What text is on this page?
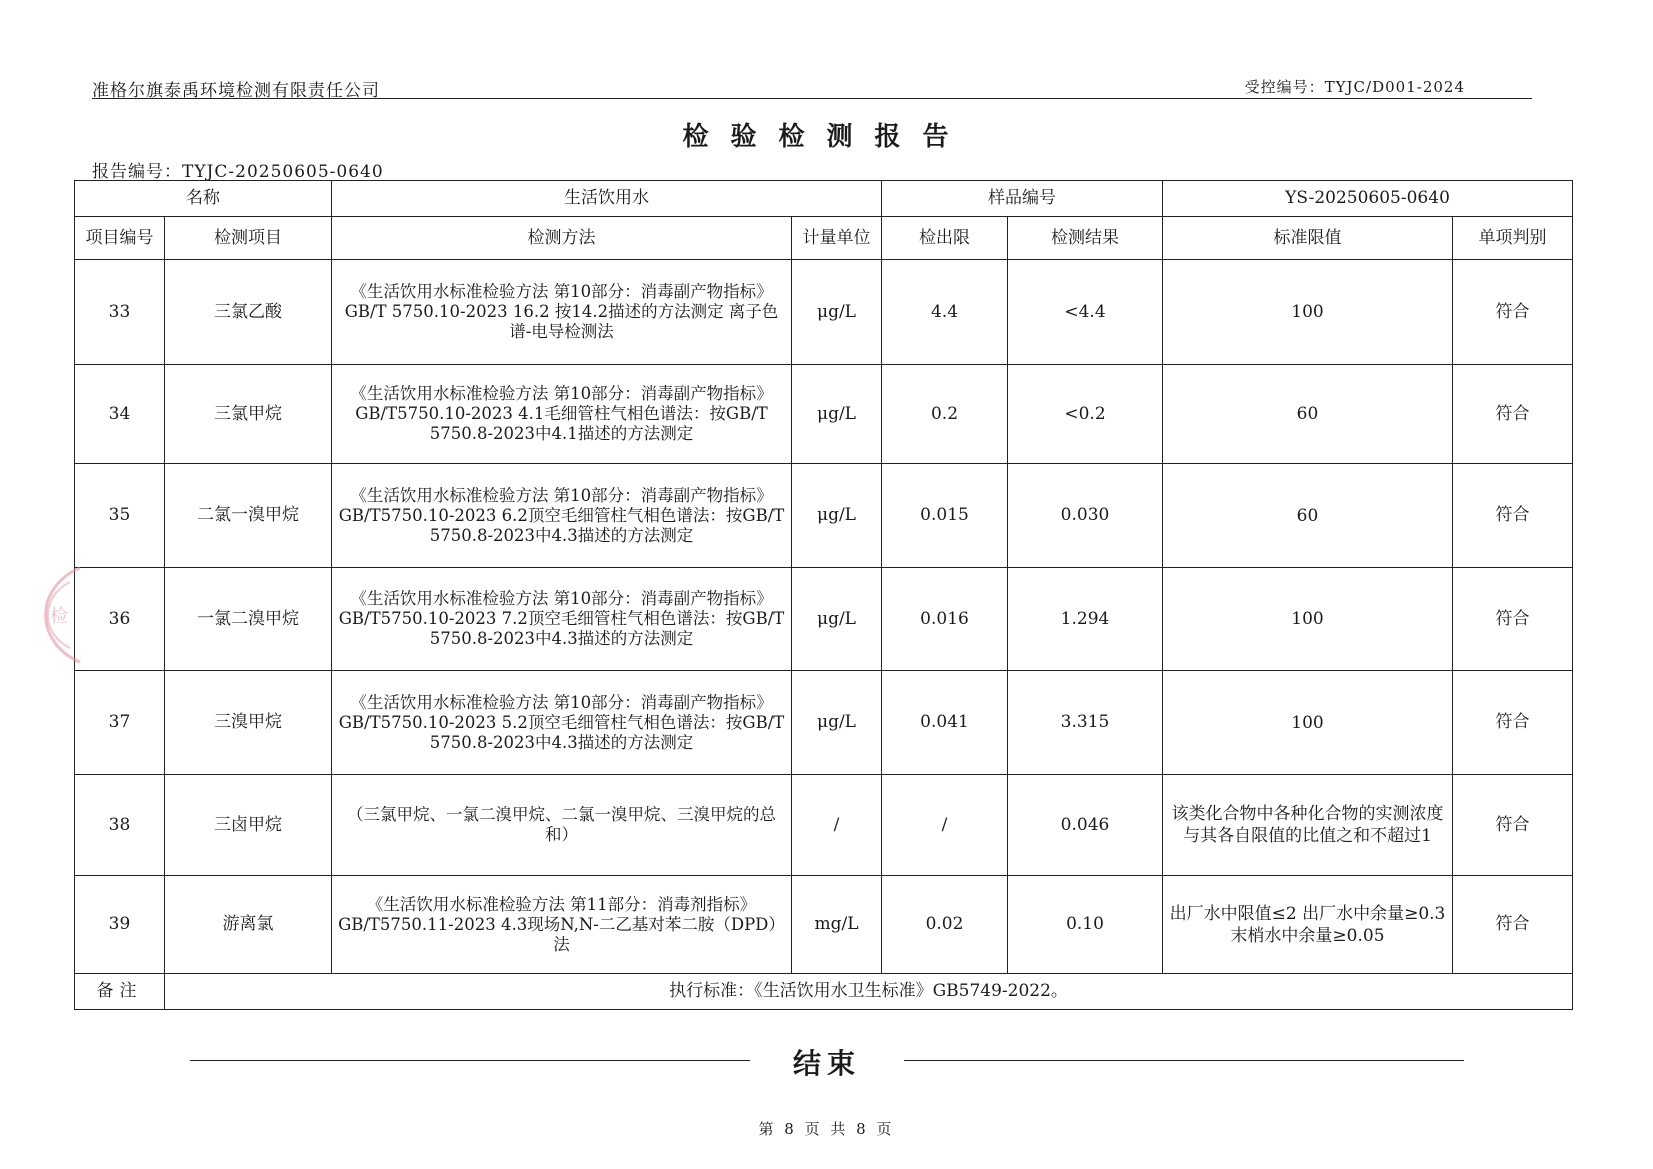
准格尔旗泰禹环境检测有限责任公司	受控编号：TYJC/D001-2024
检验检测报告
报告编号：TYJC-20250605-0640
名称		生活饮用水		样品编号		YS-20250605-0640	
项目编号	检测项目	检测方法	计量单位	检出限	检测结果	标准限值	单项判别
33	三氯乙酸	《生活饮用水标准检验方法 第10部分：消毒副产物指标》GB/T 5750.10-2023 16.2 按14.2描述的方法测定 离子色谱-电导检测法	μg/L	4.4	<4.4	100	符合
34	三氯甲烷	《生活饮用水标准检验方法 第10部分：消毒副产物指标》GB/T5750.10-2023 4.1毛细管柱气相色谱法：按GB/T 5750.8-2023中4.1描述的方法测定	μg/L	0.2	<0.2	60	符合
35	二氯一溴甲烷	《生活饮用水标准检验方法 第10部分：消毒副产物指标》GB/T5750.10-2023 6.2顶空毛细管柱气相色谱法：按GB/T 5750.8-2023中4.3描述的方法测定	μg/L	0.015	0.030	60	符合
36	一氯二溴甲烷	《生活饮用水标准检验方法 第10部分：消毒副产物指标》GB/T5750.10-2023 7.2顶空毛细管柱气相色谱法：按GB/T 5750.8-2023中4.3描述的方法测定	μg/L	0.016	1.294	100	符合
37	三溴甲烷	《生活饮用水标准检验方法 第10部分：消毒副产物指标》GB/T5750.10-2023 5.2顶空毛细管柱气相色谱法：按GB/T 5750.8-2023中4.3描述的方法测定	μg/L	0.041	3.315	100	符合
38	三卤甲烷	（三氯甲烷、一氯二溴甲烷、二氯一溴甲烷、三溴甲烷的总和）	/	/	0.046	该类化合物中各种化合物的实测浓度与其各自限值的比值之和不超过1	符合
39	游离氯	《生活饮用水标准检验方法 第11部分：消毒剂指标》GB/T5750.11-2023 4.3现场N,N-二乙基对苯二胺（DPD）法	mg/L	0.02	0.10	出厂水中限值≤2 出厂水中余量≥0.3 末梢水中余量≥0.05	符合
备注	执行标准：《生活饮用水卫生标准》GB5749-2022。						
结束
第 8 页 共 8 页
检
